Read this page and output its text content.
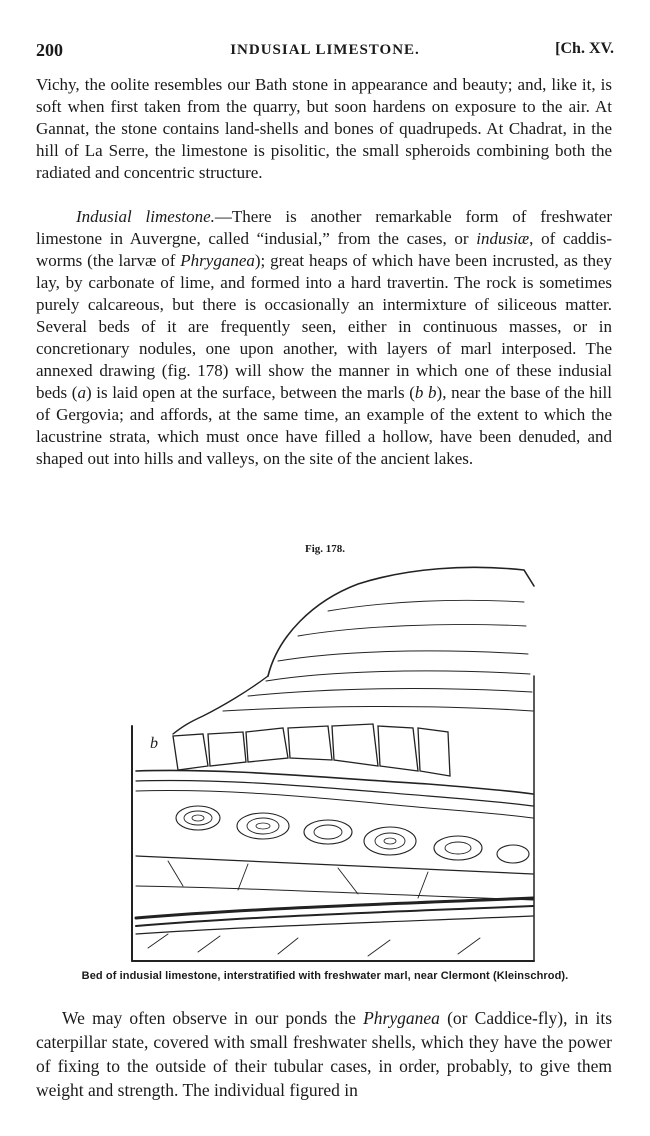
200	INDUSIAL LIMESTONE.	[Ch. XV.

Vichy, the oolite resembles our Bath stone in appearance and beauty; and, like it, is soft when first taken from the quarry, but soon hardens on exposure to the air. At Gannat, the stone contains land-shells and bones of quadrupeds. At Chadrat, in the hill of La Serre, the limestone is pisolitic, the small spheroids combining both the radiated and concentric structure.

Indusial limestone.—There is another remarkable form of freshwater limestone in Auvergne, called “indusial,” from the cases, or indusiæ, of caddis-worms (the larvæ of Phryganea); great heaps of which have been incrusted, as they lay, by carbonate of lime, and formed into a hard travertin. The rock is sometimes purely calcareous, but there is occasionally an intermixture of siliceous matter. Several beds of it are frequently seen, either in continuous masses, or in concretionary nodules, one upon another, with layers of marl interposed. The annexed drawing (fig. 178) will show the manner in which one of these indusial beds (a) is laid open at the surface, between the marls (b b), near the base of the hill of Gergovia; and affords, at the same time, an example of the extent to which the lacustrine strata, which must once have filled a hollow, have been denuded, and shaped out into hills and valleys, on the site of the ancient lakes.

Fig. 178.
b
Bed of indusial limestone, interstratified with freshwater marl, near Clermont (Kleinschrod).

We may often observe in our ponds the Phryganea (or Caddice-fly), in its caterpillar state, covered with small freshwater shells, which they have the power of fixing to the outside of their tubular cases, in order, probably, to give them weight and strength. The individual figured in
